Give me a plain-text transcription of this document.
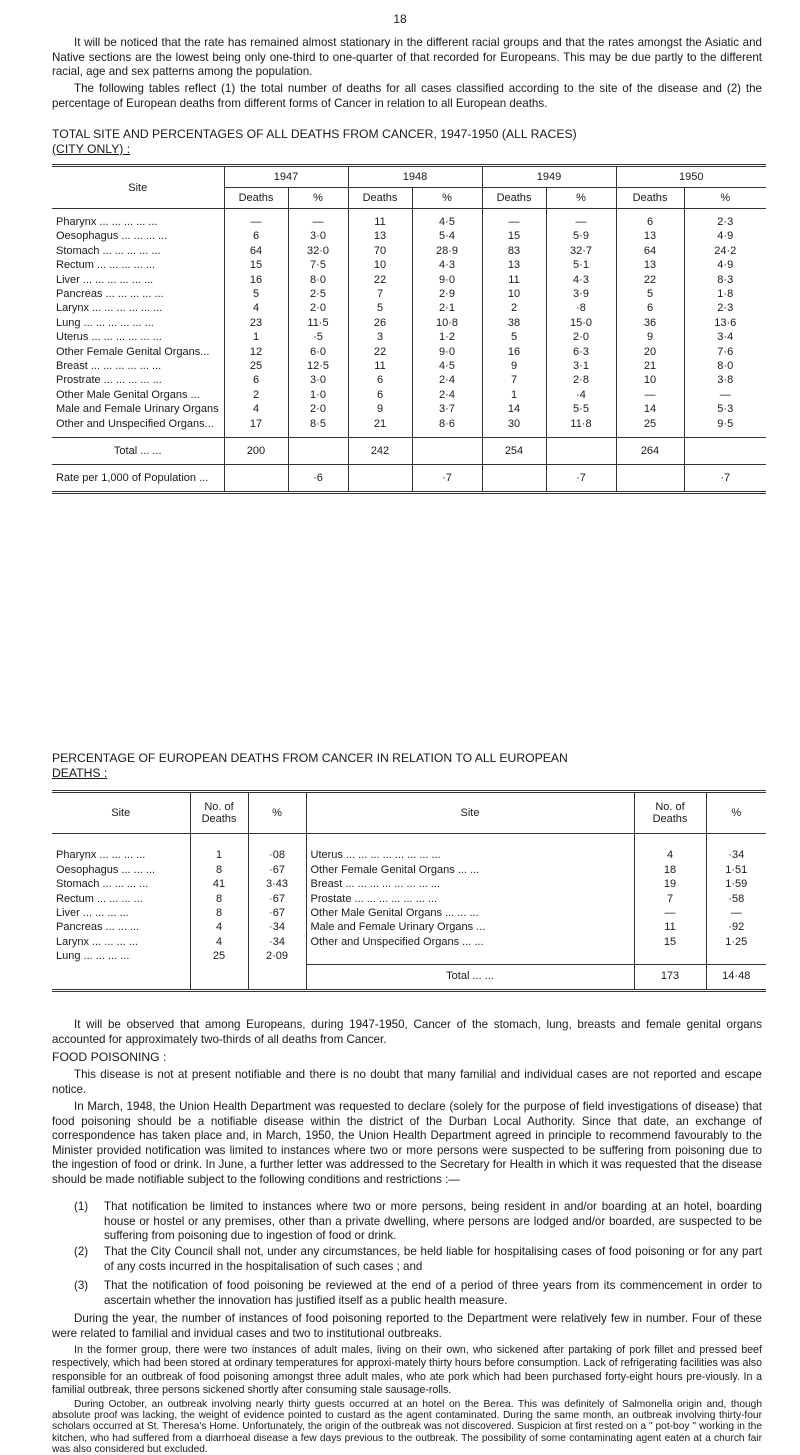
18

It will be noticed that the rate has remained almost stationary in the different racial groups and that the rates amongst the Asiatic and Native sections are the lowest being only one-third to one-quarter of that recorded for Europeans. This may be due partly to the different racial, age and sex patterns among the population.

The following tables reflect (1) the total number of deaths for all cases classified according to the site of the disease and (2) the percentage of European deaths from different forms of Cancer in relation to all European deaths.

TOTAL SITE AND PERCENTAGES OF ALL DEATHS FROM CANCER, 1947-1950 (ALL RACES)
(CITY ONLY) :
Site	1947		1948		1949		1950	
	Deaths	%	Deaths	%	Deaths	%	Deaths	%

Pharynx ... ... ... ... ...	—	—	11	4·5	—	—	6	2·3
Oesophagus ... ... ... ...	6	3·0	13	5·4	15	5·9	13	4·9
Stomach ... ... ... ... ...	64	32·0	70	28·9	83	32·7	64	24·2
Rectum ... ... ... ... ...	15	7·5	10	4·3	13	5·1	13	4·9
Liver ... ... ... ... ... ...	16	8·0	22	9·0	11	4·3	22	8·3
Pancreas ... ... ... ... ...	5	2·5	7	2·9	10	3·9	5	1·8
Larynx ... ... ... ... ... ...	4	2·0	5	2·1	2	·8	6	2·3
Lung ... ... ... ... ... ...	23	11·5	26	10·8	38	15·0	36	13·6
Uterus ... ... ... ... ... ...	1	·5	3	1·2	5	2·0	9	3·4
Other Female Genital Organs...	12	6·0	22	9·0	16	6·3	20	7·6
Breast ... ... ... ... ... ...	25	12·5	11	4·5	9	3·1	21	8·0
Prostrate ... ... ... ... ...	6	3·0	6	2·4	7	2·8	10	3·8
Other Male Genital Organs ...	2	1·0	6	2·4	1	·4	—	—
Male and Female Urinary Organs	4	2·0	9	3·7	14	5·5	14	5·3
Other and Unspecified Organs...	17	8·5	21	8·6	30	11·8	25	9·5

Total ... ...	200		242		254		264	
Rate per 1,000 of Population ...		·6		·7		·7		·7
PERCENTAGE OF EUROPEAN DEATHS FROM CANCER IN RELATION TO ALL EUROPEAN
DEATHS :
Site	No. of Deaths	%	Site	No. of Deaths	%

Pharynx ... ... ... ...	1	·08	Uterus ... ... ... ... ... ... ... ...	4	·34
Oesophagus ... ... ...	8	·67	Other Female Genital Organs ... ...	18	1·51
Stomach ... ... ... ...	41	3·43	Breast ... ... ... ... ... ... ... ...	19	1·59
Rectum ... ... ... ...	8	·67	Prostate ... ... ... ... ... ... ...	7	·58
Liver ... ... ... ...	8	·67	Other Male Genital Organs ... ... ...	—	—
Pancreas ... ... ...	4	·34	Male and Female Urinary Organs ...	11	·92
Larynx ... ... ... ...	4	·34	Other and Unspecified Organs ... ...	15	1·25
Lung ... ... ... ...	25	2·09			
			Total ... ...	173	14·48

It will be observed that among Europeans, during 1947-1950, Cancer of the stomach, lung, breasts and female genital organs accounted for approximately two-thirds of all deaths from Cancer.

FOOD POISONING :

This disease is not at present notifiable and there is no doubt that many familial and individual cases are not reported and escape notice.

In March, 1948, the Union Health Department was requested to declare (solely for the purpose of field investigations of disease) that food poisoning should be a notifiable disease within the district of the Durban Local Authority. Since that date, an exchange of correspondence has taken place and, in March, 1950, the Union Health Department agreed in principle to recommend favourably to the Minister provided notification was limited to instances where two or more persons were suspected to be suffering from poisoning due to the ingestion of food or drink. In June, a further letter was addressed to the Secretary for Health in which it was requested that the disease should be made notifiable subject to the following conditions and restrictions :—

(1) That notification be limited to instances where two or more persons, being resident in and/or boarding at an hotel, boarding house or hostel or any premises, other than a private dwelling, where persons are lodged and/or boarded, are suspected to be suffering from poisoning due to ingestion of food or drink.
(2) That the City Council shall not, under any circumstances, be held liable for hospitalising cases of food poisoning or for any part of any costs incurred in the hospitalisation of such cases ; and
(3) That the notification of food poisoning be reviewed at the end of a period of three years from its commencement in order to ascertain whether the innovation has justified itself as a public health measure.

During the year, the number of instances of food poisoning reported to the Department were relatively few in number. Four of these were related to familial and invidual cases and two to institutional outbreaks.

In the former group, there were two instances of adult males, living on their own, who sickened after partaking of pork fillet and pressed beef respectively, which had been stored at ordinary temperatures for approxi-mately thirty hours before consumption. Lack of refrigerating facilities was also responsible for an outbreak of food poisoning amongst three adult males, who ate pork which had been purchased forty-eight hours pre-viously. In a familial outbreak, three persons sickened shortly after consuming stale sausage-rolls.

During October, an outbreak involving nearly thirty guests occurred at an hotel on the Berea. This was definitely of Salmonella origin and, though absolute proof was lacking, the weight of evidence pointed to custard as the agent contaminated. During the same month, an outbreak involving thirty-four scholars occurred at St. Theresa's Home. Unfortunately, the origin of the outbreak was not discovered. Suspicion at first rested on a " pot-boy " working in the kitchen, who had suffered from a diarrhoeal disease a few days previous to the outbreak. The possibility of some contaminating agent eaten at a church fair was also considered but excluded.
